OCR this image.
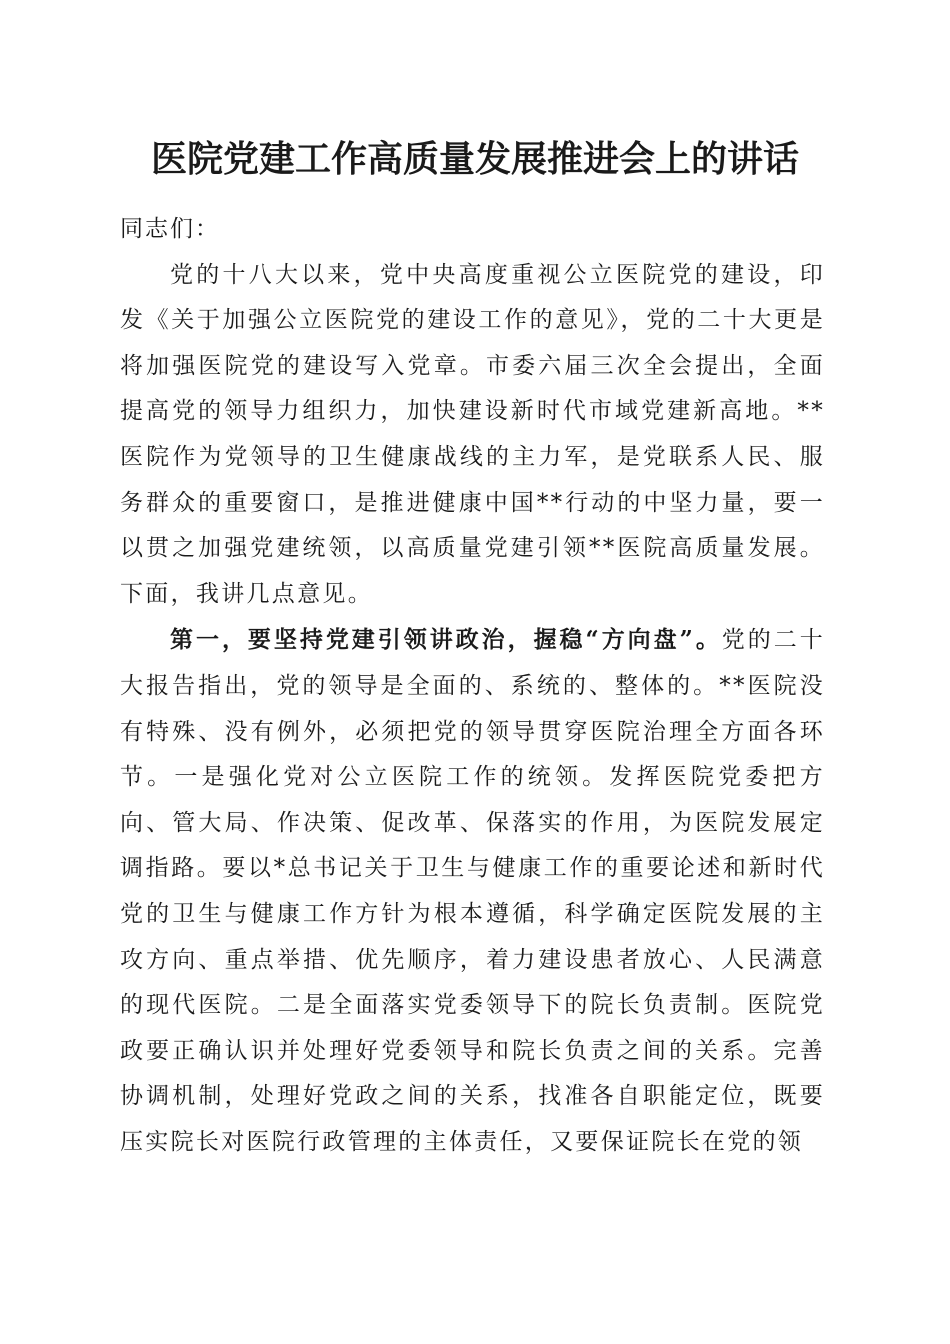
医院党建工作高质量发展推进会上的讲话

同志们：

党的十八大以来，党中央高度重视公立医院党的建设，印发《关于加强公立医院党的建设工作的意见》，党的二十大更是将加强医院党的建设写入党章。市委六届三次全会提出，全面提高党的领导力组织力，加快建设新时代市域党建新高地。**医院作为党领导的卫生健康战线的主力军，是党联系人民、服务群众的重要窗口，是推进健康中国**行动的中坚力量，要一以贯之加强党建统领，以高质量党建引领**医院高质量发展。下面，我讲几点意见。

第一，要坚持党建引领讲政治，握稳“方向盘”。党的二十大报告指出，党的领导是全面的、系统的、整体的。**医院没有特殊、没有例外，必须把党的领导贯穿医院治理全方面各环节。一是强化党对公立医院工作的统领。发挥医院党委把方向、管大局、作决策、促改革、保落实的作用，为医院发展定调指路。要以*总书记关于卫生与健康工作的重要论述和新时代党的卫生与健康工作方针为根本遵循，科学确定医院发展的主攻方向、重点举措、优先顺序，着力建设患者放心、人民满意的现代医院。二是全面落实党委领导下的院长负责制。医院党政要正确认识并处理好党委领导和院长负责之间的关系。完善协调机制，处理好党政之间的关系，找准各自职能定位，既要压实院长对医院行政管理的主体责任，又要保证院长在党的领
